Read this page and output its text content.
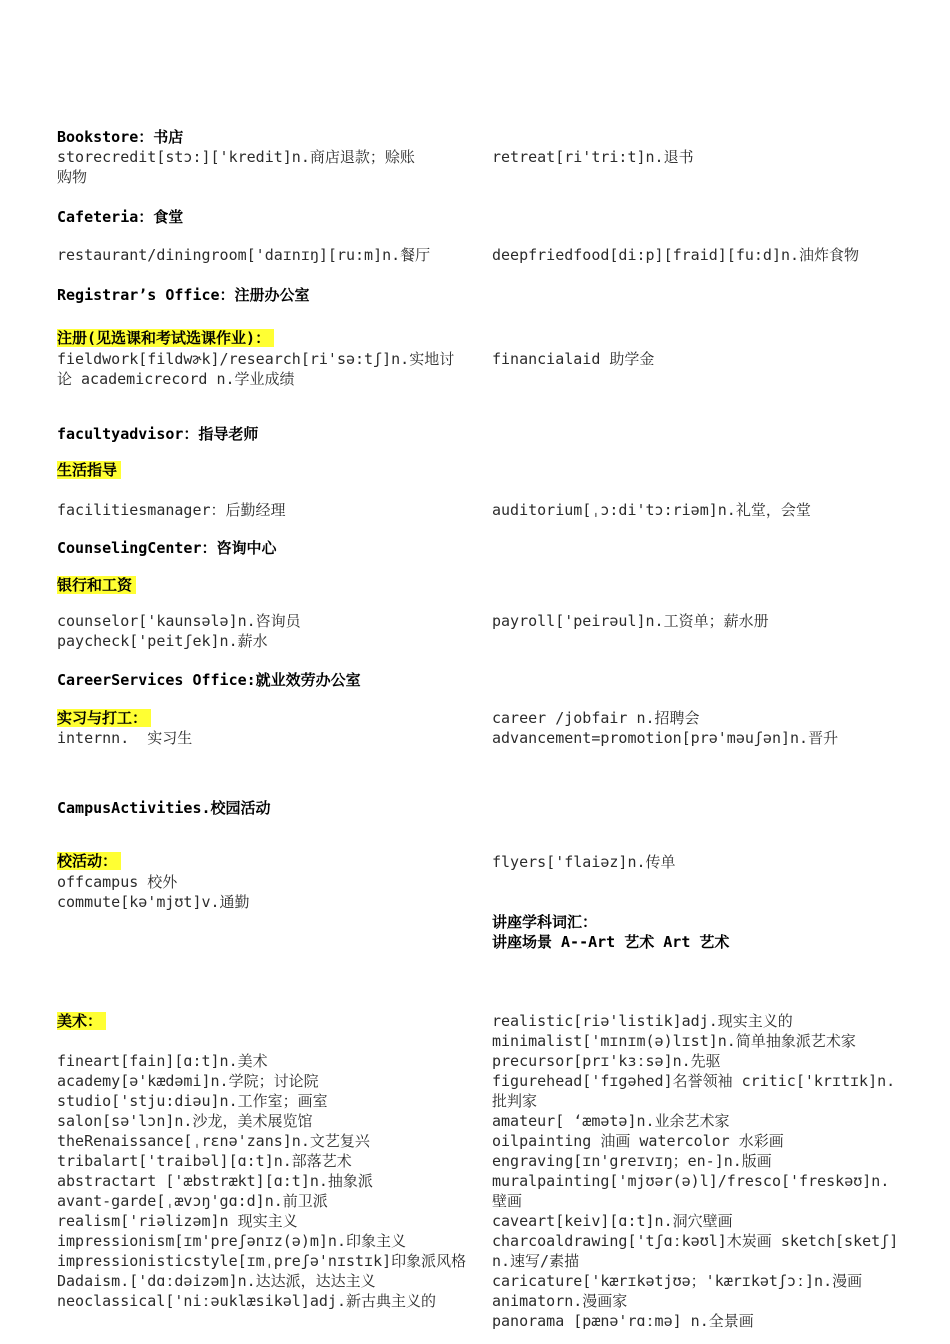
Bookstore：书店
storecredit[stɔ:]['kredit]n.商店退款；赊账购物
retreat[ri'tri:t]n.退书
Cafeteria：食堂
restaurant/diningroom['daɪnɪŋ][ru:m]n.餐厅	deepfriedfood[di:p][fraid][fu:d]n.油炸食物
Registrar’s Office：注册办公室
注册(见选课和考试选课作业)：
fieldwork[fildwɚk]/research[ri'sə:tʃ]n.实地讨论 academicrecord n.学业成绩
financialaid 助学金
facultyadvisor：指导老师
生活指导
facilitiesmanager：后勤经理	auditorium[ˌɔ:di'tɔ:riəm]n.礼堂，会堂
CounselingCenter：咨询中心
银行和工资
counselor['kaunsələ]n.咨询员
paycheck['peitʃek]n.薪水
payroll['peirəul]n.工资单；薪水册
CareerServices Office:就业效劳办公室
实习与打工：
internn.  实习生
career /jobfair n.招聘会
advancement=promotion[prə'məuʃən]n.晋升
CampusActivities.校园活动
校活动：
offcampus 校外
commute[kə'mjʊt]v.通勤
flyers['flaiəz]n.传单
讲座学科词汇：
讲座场景 A--Art 艺术 Art 艺术
美术：
fineart[fain][ɑ:t]n.美术
academy[ə'kædəmi]n.学院；讨论院
studio['stju:diəu]n.工作室；画室
salon[sə'lɔn]n.沙龙，美术展览馆
theRenaissance[ˌrɛnə'zans]n.文艺复兴
tribalart['traibəl][ɑ:t]n.部落艺术
abstractart ['æbstrækt][ɑ:t]n.抽象派
avant-garde[ˌævɔŋ'gɑ:d]n.前卫派
realism['riəlizəm]n 现实主义
impressionism[ɪm'preʃənɪz(ə)m]n.印象主义
impressionisticstyle[ɪmˌpreʃə'nɪstɪk]印象派风格
Dadaism.['dɑːdəizəm]n.达达派，达达主义
neoclassical['niːəuklæsikəl]adj.新古典主义的
realistic[riə'listik]adj.现实主义的
minimalist['mɪnɪm(ə)lɪst]n.简单抽象派艺术家
precursor[prɪ'kɜːsə]n.先驱
figurehead['fɪgəhed]名誉领袖 critic['krɪtɪk]n.批判家
amateur[ ‘æmətə]n.业余艺术家
oilpainting 油画 watercolor 水彩画
engraving[ɪn'greɪvɪŋ；en-]n.版画
muralpainting['mjʊər(ə)l]/fresco['freskəʊ]n.壁画
caveart[keiv][ɑ:t]n.洞穴壁画
charcoaldrawing['tʃɑːkəʊl]木炭画 sketch[sketʃ]n.速写/素描
caricature['kærɪkətjʊə；'kærɪkətʃɔː]n.漫画
animatorn.漫画家
panorama [pænə'rɑːmə] n.全景画
